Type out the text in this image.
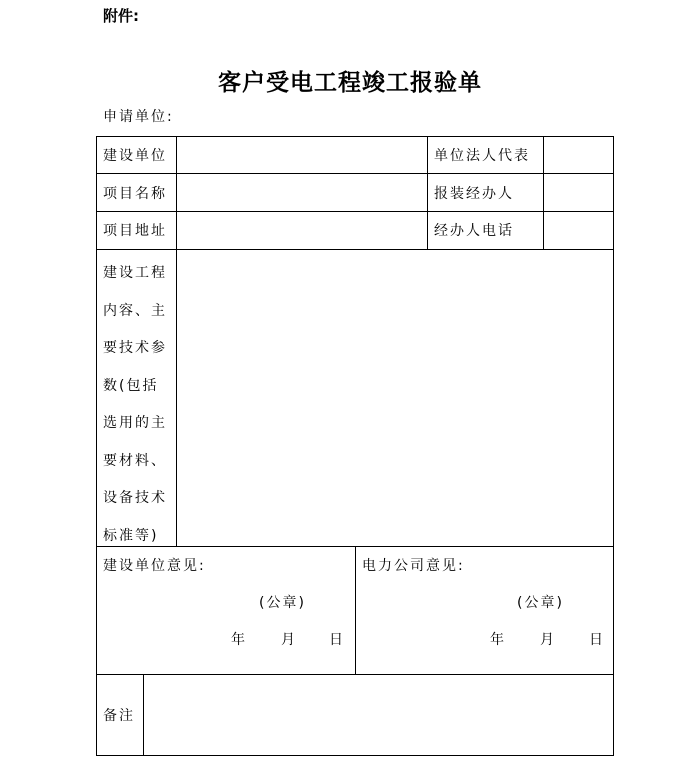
附件:
客户受电工程竣工报验单
申请单位:
建设单位	单位法人代表
项目名称	报装经办人
项目地址	经办人电话
建设工程
内容、主
要技术参
数(包括
选用的主
要材料、
设备技术
标准等)
建设单位意见:
(公章)
年 月 日
电力公司意见:
(公章)
年 月 日
备注
